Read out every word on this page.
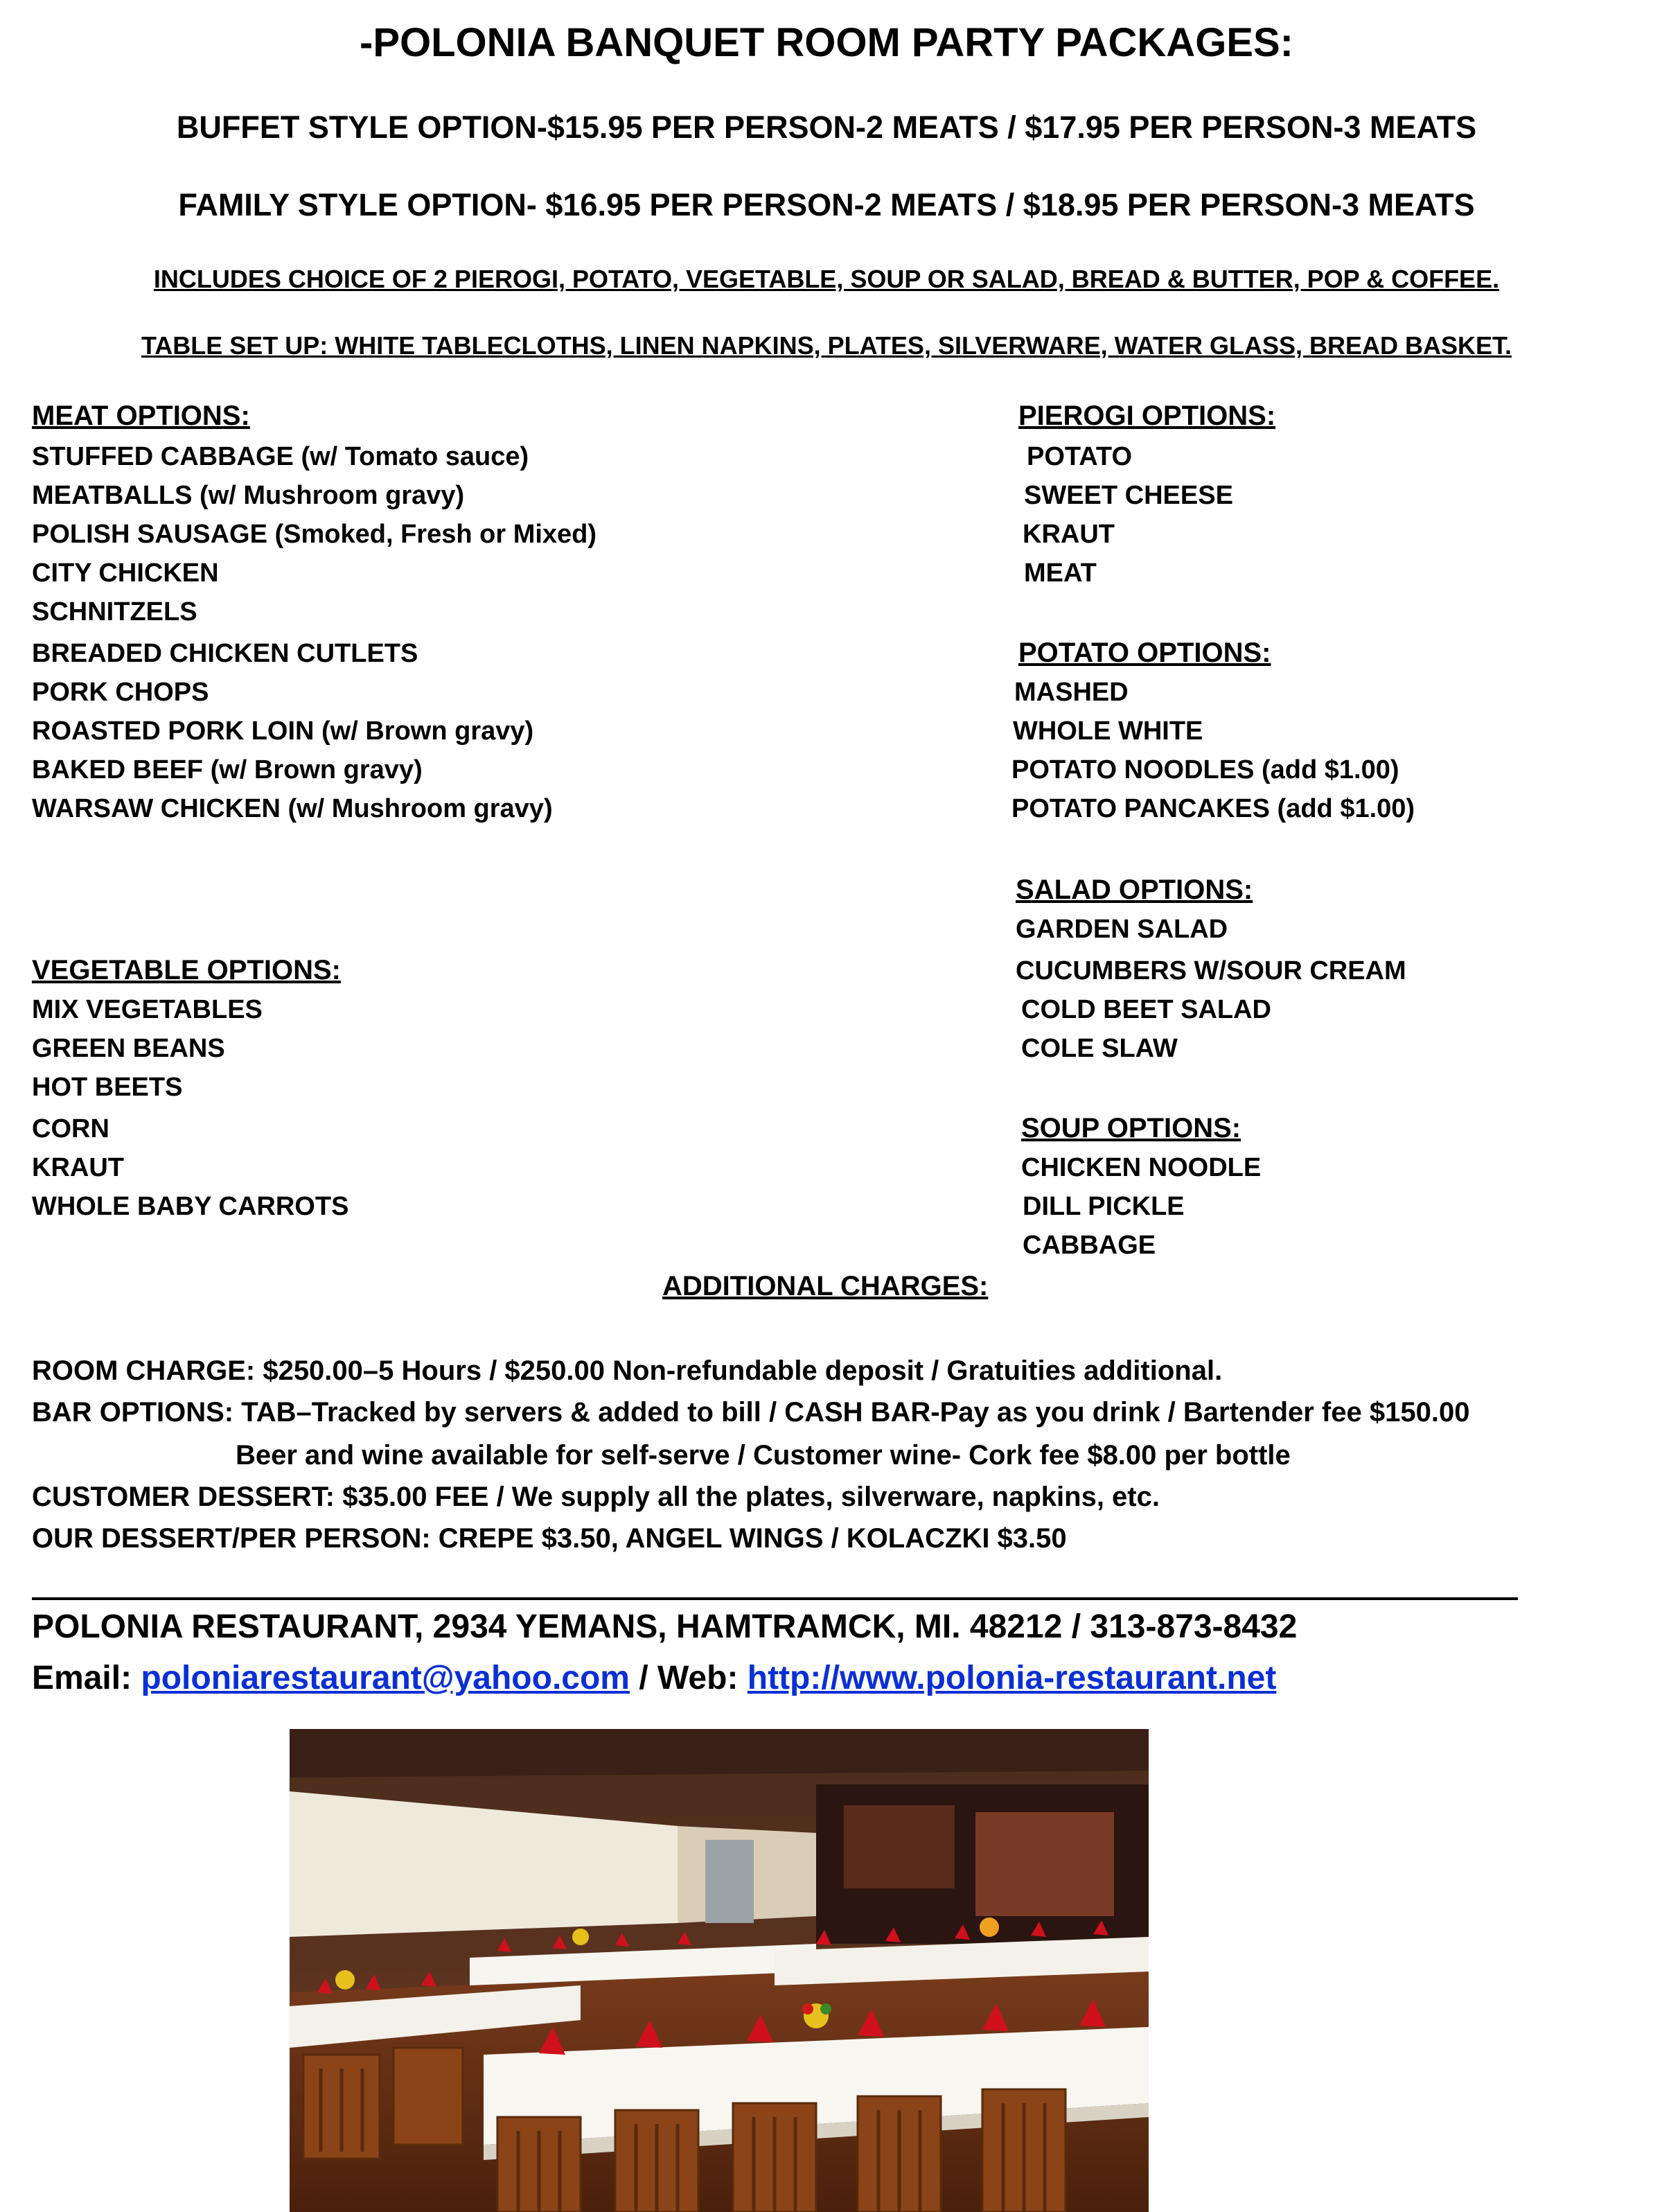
-POLONIA BANQUET ROOM PARTY PACKAGES:
BUFFET STYLE OPTION-$15.95 PER PERSON-2 MEATS / $17.95 PER PERSON-3 MEATS
FAMILY STYLE OPTION- $16.95 PER PERSON-2 MEATS / $18.95 PER PERSON-3 MEATS
INCLUDES CHOICE OF 2 PIEROGI, POTATO, VEGETABLE, SOUP OR SALAD, BREAD & BUTTER, POP & COFFEE.
TABLE SET UP: WHITE TABLECLOTHS, LINEN NAPKINS, PLATES, SILVERWARE, WATER GLASS, BREAD BASKET.
MEAT OPTIONS:
STUFFED CABBAGE (w/ Tomato sauce)
MEATBALLS (w/ Mushroom gravy)
POLISH SAUSAGE (Smoked, Fresh or Mixed)
CITY CHICKEN
SCHNITZELS
BREADED CHICKEN CUTLETS
PORK CHOPS
ROASTED PORK LOIN (w/ Brown gravy)
BAKED BEEF (w/ Brown gravy)
WARSAW CHICKEN (w/ Mushroom gravy)
PIEROGI OPTIONS:
POTATO
SWEET CHEESE
KRAUT
MEAT
POTATO OPTIONS:
MASHED
WHOLE WHITE
POTATO NOODLES (add $1.00)
POTATO PANCAKES (add $1.00)
SALAD OPTIONS:
GARDEN SALAD
CUCUMBERS W/SOUR CREAM
COLD BEET SALAD
COLE SLAW
VEGETABLE OPTIONS:
MIX VEGETABLES
GREEN BEANS
HOT BEETS
CORN
KRAUT
WHOLE BABY CARROTS
SOUP OPTIONS:
CHICKEN NOODLE
DILL PICKLE
CABBAGE
ADDITIONAL CHARGES:
ROOM CHARGE: $250.00–5 Hours / $250.00 Non-refundable deposit / Gratuities additional.
BAR OPTIONS: TAB–Tracked by servers & added to bill / CASH BAR-Pay as you drink / Bartender fee $150.00
Beer and wine available for self-serve / Customer wine- Cork fee $8.00 per bottle
CUSTOMER DESSERT: $35.00 FEE / We supply all the plates, silverware, napkins, etc.
OUR DESSERT/PER PERSON: CREPE $3.50, ANGEL WINGS / KOLACZKI $3.50
POLONIA RESTAURANT, 2934 YEMANS, HAMTRAMCK, MI. 48212 / 313-873-8432
Email: poloniarestaurant@yahoo.com / Web: http://www.polonia-restaurant.net
